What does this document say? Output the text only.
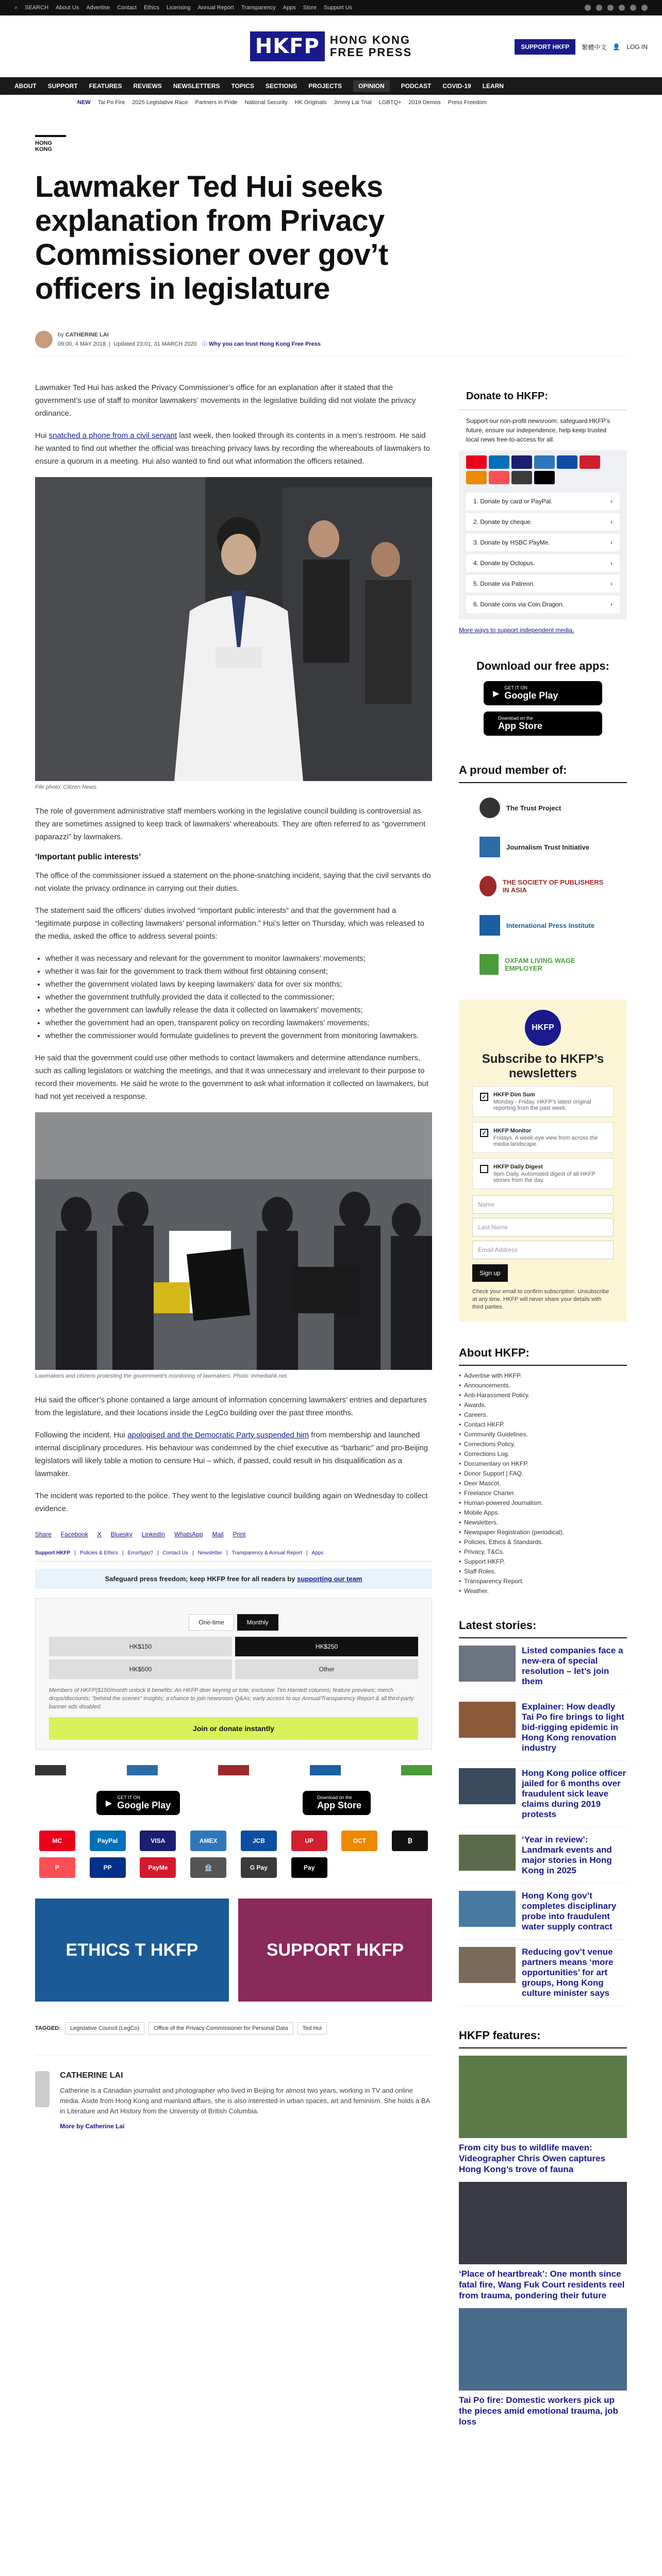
⌕ SEARCH About Us Advertise Contact Ethics Licensing Annual Report Transparency Apps Store Support Us
HKFP HONG KONG
FREE PRESS	SUPPORT HKFP	繁體中文 👤 LOG IN
ABOUT SUPPORT FEATURES REVIEWS NEWSLETTERS TOPICS SECTIONS PROJECTS	OPINION	PODCAST COVID-19 LEARN
NEW Tai Po Fire 2025 Legislative Race Partners in Pride National Security HK Originals Jimmy Lai Trial LGBTQ+ 2019 Demos Press Freedom
HONG KONG
Lawmaker Ted Hui seeks explanation from Privacy Commissioner over gov’t officers in legislature
by CATHERINE LAI
09:00, 4 MAY 2018  |  Updated 23:01, 31 MARCH 2020 ⓘ Why you can trust Hong Kong Free Press

Lawmaker Ted Hui has asked the Privacy Commissioner’s office for an explanation after it stated that the government’s use of staff to monitor lawmakers’ movements in the legislative building did not violate the privacy ordinance.

Hui snatched a phone from a civil servant last week, then looked through its contents in a men’s restroom. He said he wanted to find out whether the official was breaching privacy laws by recording the whereabouts of lawmakers to ensure a quorum in a meeting. Hui also wanted to find out what information the officers retained.

File photo: Citizen News.

The role of government administrative staff members working in the legislative council building is controversial as they are sometimes assigned to keep track of lawmakers’ whereabouts. They are often referred to as “government paparazzi” by lawmakers.

‘Important public interests’

The office of the commissioner issued a statement on the phone-snatching incident, saying that the civil servants do not violate the privacy ordinance in carrying out their duties.

The statement said the officers’ duties involved “important public interests” and that the government had a “legitimate purpose in collecting lawmakers’ personal information.” Hui’s letter on Thursday, which was released to the media, asked the office to address several points:

• whether it was necessary and relevant for the government to monitor lawmakers’ movements;
• whether it was fair for the government to track them without first obtaining consent;
• whether the government violated laws by keeping lawmakers’ data for over six months;
• whether the government truthfully provided the data it collected to the commissioner;
• whether the government can lawfully release the data it collected on lawmakers’ movements;
• whether the government had an open, transparent policy on recording lawmakers’ movements;
• whether the commissioner would formulate guidelines to prevent the government from monitoring lawmakers.

He said that the government could use other methods to contact lawmakers and determine attendance numbers, such as calling legislators or watching the meetings, and that it was unnecessary and irrelevant to their purpose to record their movements. He said he wrote to the government to ask what information it collected on lawmakers, but had not yet received a response.

Lawmakers and citizens protesting the government’s monitoring of lawmakers. Photo: inmediahk.net.

Hui said the officer’s phone contained a large amount of information concerning lawmakers’ entries and departures from the legislature, and their locations inside the LegCo building over the past three months.

Following the incident, Hui apologised and the Democratic Party suspended him from membership and launched internal disciplinary procedures. His behaviour was condemned by the chief executive as “barbaric” and pro-Beijing legislators will likely table a motion to censure Hui – which, if passed, could result in his disqualification as a lawmaker.

The incident was reported to the police. They went to the legislative council building again on Wednesday to collect evidence.

Share Facebook X Bluesky LinkedIn WhatsApp Mail Print
Support HKFP | Policies & Ethics | Error/typo? | Contact Us | Newsletter | Transparency & Annual Report | Apps
Safeguard press freedom; keep HKFP free for all readers by supporting our team
One-time	Monthly
HK$150	HK$250
HK$500	Other
Members of HKFP($150/month unlock 8 benefits: An HKFP deer keyring or tote; exclusive Tim Hamlett columns; feature previews; merch drops/discounts; "behind the scenes" insights; a chance to join newsroom Q&As; early access to our Annual/Transparency Report & all third-party banner ads disabled.
Join or donate instantly
▶
GET IT ON
Google Play
Download on the
App Store
MC	PayPal	VISA	AMEX	JCB	UP	OCT	₿
P	PP	PayMe	🏦	G Pay	Pay
ETHICS T HKFP	SUPPORT HKFP
TAGGED:	Legislative Council (LegCo)	Office of the Privacy Commissioner for Personal Data	Ted Hui
CATHERINE LAI
Catherine is a Canadian journalist and photographer who lived in Beijing for almost two years, working in TV and online media. Aside from Hong Kong and mainland affairs, she is also interested in urban spaces, art and feminism. She holds a BA in Literature and Art History from the University of British Columbia.
More by Catherine Lai
Donate to HKFP:
Support our non-profit newsroom: safeguard HKFP’s future, ensure our independence, help keep trusted local news free-to-access for all.
1. Donate by card or PayPal.	›
2. Donate by cheque.	›
3. Donate by HSBC PayMe.	›
4. Donate by Octopus.	›
5. Donate via Patreon.	›
6. Donate coins via Coin Dragon.	›
More ways to support independent media.
Download our free apps:
▶
GET IT ON
Google Play
Download on the
App Store
A proud member of:
The Trust Project
Journalism Trust Initiative
THE SOCIETY OF PUBLISHERS IN ASIA
International Press Institute
OXFAM LIVING WAGE EMPLOYER
HKFP
Subscribe to HKFP’s newsletters
✓	HKFP Dim Sum
Monday - Friday. HKFP’s latest original reporting from the past week.
✓	HKFP Monitor
Fridays. A week-eye view from across the media landscape.
HKFP Daily Digest
9pm Daily. Automated digest of all HKFP stories from the day.
Name
Last Name
Email Address
Sign up
Check your email to confirm subscription. Unsubscribe at any time. HKFP will never share your details with third parties.
About HKFP:
• Advertise with HKFP.
• Announcements.
• Anti-Harassment Policy.
• Awards.
• Careers.
• Contact HKFP.
• Community Guidelines.
• Corrections Policy.
• Corrections Log.
• Documentary on HKFP.
• Donor Support | FAQ.
• Deer Mascot.
• Freelance Charter.
• Human-powered Journalism.
• Mobile Apps.
• Newsletters.
• Newspaper Registration (periodical).
• Policies, Ethics & Standards.
• Privacy, T&Cs.
• Support HKFP.
• Staff Roles.
• Transparency Report.
• Weather.
Latest stories:
Listed companies face a new-era of special resolution – let’s join them
Explainer: How deadly Tai Po fire brings to light bid-rigging epidemic in Hong Kong renovation industry
Hong Kong police officer jailed for 6 months over fraudulent sick leave claims during 2019 protests
‘Year in review’: Landmark events and major stories in Hong Kong in 2025
Hong Kong gov’t completes disciplinary probe into fraudulent water supply contract
Reducing gov’t venue partners means ‘more opportunities’ for art groups, Hong Kong culture minister says
HKFP features:
From city bus to wildlife maven: Videographer Chris Owen captures Hong Kong’s trove of fauna
‘Place of heartbreak’: One month since fatal fire, Wang Fuk Court residents reel from trauma, pondering their future
Tai Po fire: Domestic workers pick up the pieces amid emotional trauma, job loss
